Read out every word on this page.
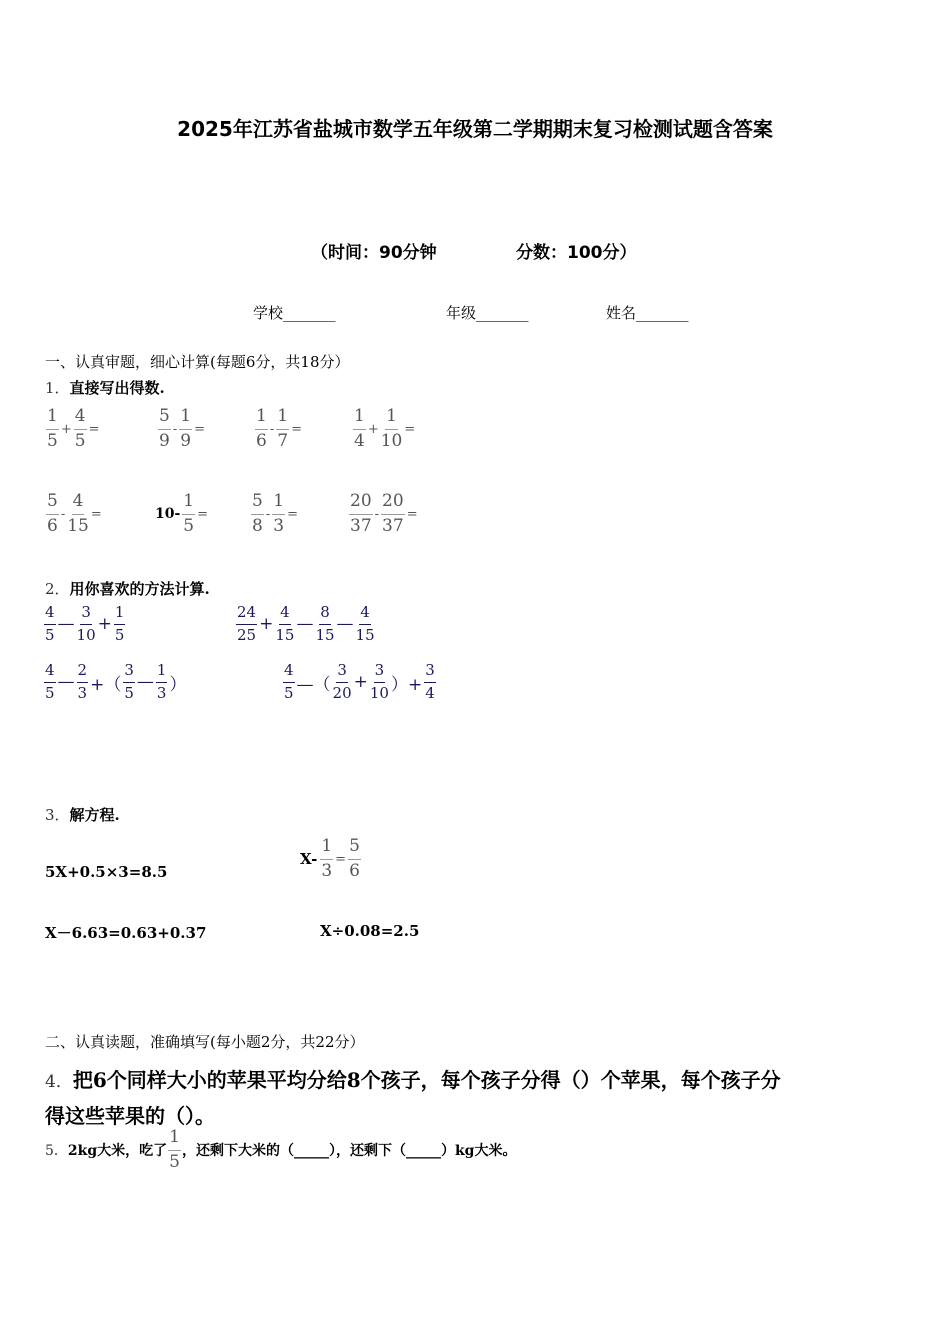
2025年江苏省盐城市数学五年级第二学期期末复习检测试题含答案
（时间：90分钟	分数：100分）
学校_______	年级_______	姓名_______
一、认真审题，细心计算(每题6分，共18分）
1．直接写出得数.
$\frac{1}{5} + \frac{4}{5}$ =	$\frac{5}{9} - \frac{1}{9}$ =	$\frac{1}{6} - \frac{1}{7}$ =	$\frac{1}{4} + \frac{1}{10}$ =
$\frac{5}{6} - \frac{4}{15}$ =	$10- \frac{1}{5}$ =	$\frac{5}{8} - \frac{1}{3}$ =	$\frac{20}{37} - \frac{20}{37}$ =
2．用你喜欢的方法计算.
$\frac{4}{5}$ — $\frac{3}{10} + \frac{1}{5}$	$\frac{24}{25} + \frac{4}{15}$ — $\frac{8}{15}$ — $\frac{4}{15}$
$\frac{4}{5}$ — $\frac{2}{3}$ +（ $\frac{3}{5}$ — $\frac{1}{3}$ ）	$\frac{4}{5}$ —（ $\frac{3}{20} + \frac{3}{10}$ ）+ $\frac{3}{4}$
3．解方程.
5X+0.5×3=8.5
$X- \frac{1}{3} = \frac{5}{6}$
X－6.63=0.63+0.37	X÷0.08=2.5
二、认真读题，准确填写(每小题2分，共22分）
4．把6个同样大小的苹果平均分给8个孩子，每个孩子分得（）个苹果，每个孩子分
得这些苹果的（）。
5． 2kg大米，吃了 $\frac{1}{5}$ ，还剩下大米的（_____），还剩下（_____）kg大米。
